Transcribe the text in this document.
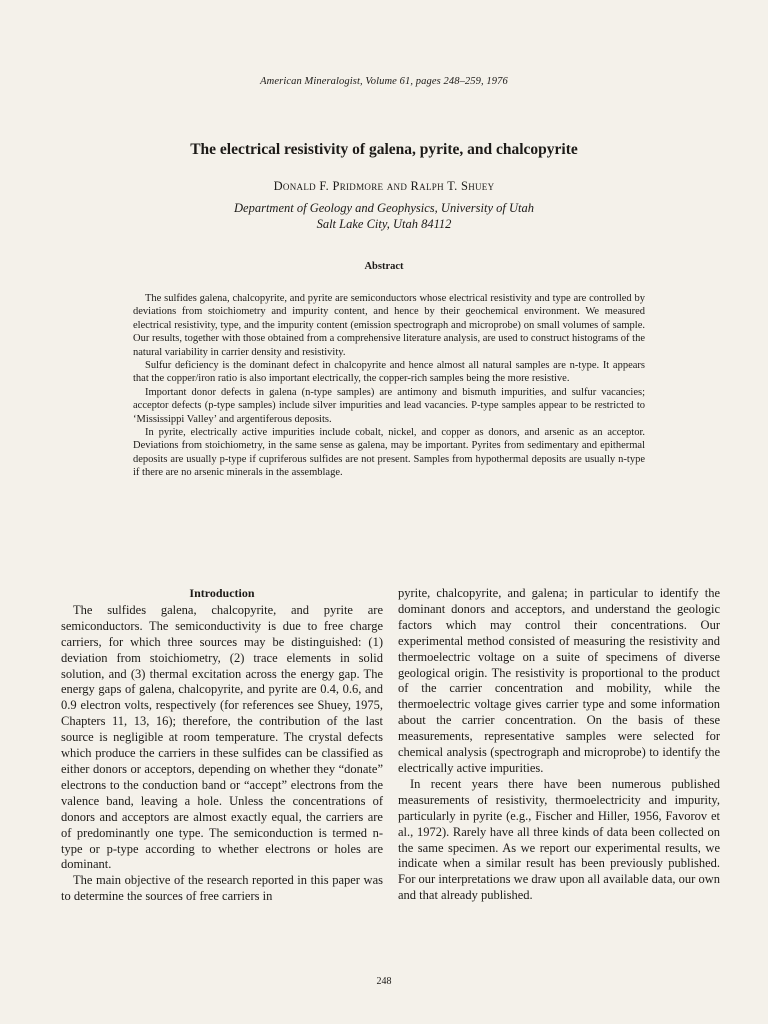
American Mineralogist, Volume 61, pages 248–259, 1976
The electrical resistivity of galena, pyrite, and chalcopyrite
Donald F. Pridmore and Ralph T. Shuey
Department of Geology and Geophysics, University of Utah
Salt Lake City, Utah 84112
Abstract

The sulfides galena, chalcopyrite, and pyrite are semiconductors whose electrical resistivity and type are controlled by deviations from stoichiometry and impurity content, and hence by their geochemical environment. We measured electrical resistivity, type, and the impurity content (emission spectrograph and microprobe) on small volumes of sample. Our results, together with those obtained from a comprehensive literature analysis, are used to construct histograms of the natural variability in carrier density and resistivity.

Sulfur deficiency is the dominant defect in chalcopyrite and hence almost all natural samples are n-type. It appears that the copper/iron ratio is also important electrically, the copper-rich samples being the more resistive.

Important donor defects in galena (n-type samples) are antimony and bismuth impurities, and sulfur vacancies; acceptor defects (p-type samples) include silver impurities and lead vacancies. P-type samples appear to be restricted to ‘Mississippi Valley’ and argentiferous deposits.

In pyrite, electrically active impurities include cobalt, nickel, and copper as donors, and arsenic as an acceptor. Deviations from stoichiometry, in the same sense as galena, may be important. Pyrites from sedimentary and epithermal deposits are usually p-type if cupriferous sulfides are not present. Samples from hypothermal deposits are usually n-type if there are no arsenic minerals in the assemblage.

Introduction

The sulfides galena, chalcopyrite, and pyrite are semiconductors. The semiconductivity is due to free charge carriers, for which three sources may be distinguished: (1) deviation from stoichiometry, (2) trace elements in solid solution, and (3) thermal excitation across the energy gap. The energy gaps of galena, chalcopyrite, and pyrite are 0.4, 0.6, and 0.9 electron volts, respectively (for references see Shuey, 1975, Chapters 11, 13, 16); therefore, the contribution of the last source is negligible at room temperature. The crystal defects which produce the carriers in these sulfides can be classified as either donors or acceptors, depending on whether they “donate” electrons to the conduction band or “accept” electrons from the valence band, leaving a hole. Unless the concentrations of donors and acceptors are almost exactly equal, the carriers are of predominantly one type. The semiconduction is termed n-type or p-type according to whether electrons or holes are dominant.

The main objective of the research reported in this paper was to determine the sources of free carriers in

pyrite, chalcopyrite, and galena; in particular to identify the dominant donors and acceptors, and understand the geologic factors which may control their concentrations. Our experimental method consisted of measuring the resistivity and thermoelectric voltage on a suite of specimens of diverse geological origin. The resistivity is proportional to the product of the carrier concentration and mobility, while the thermoelectric voltage gives carrier type and some information about the carrier concentration. On the basis of these measurements, representative samples were selected for chemical analysis (spectrograph and microprobe) to identify the electrically active impurities.

In recent years there have been numerous published measurements of resistivity, thermoelectricity and impurity, particularly in pyrite (e.g., Fischer and Hiller, 1956, Favorov et al., 1972). Rarely have all three kinds of data been collected on the same specimen. As we report our experimental results, we indicate when a similar result has been previously published. For our interpretations we draw upon all available data, our own and that already published.

248
